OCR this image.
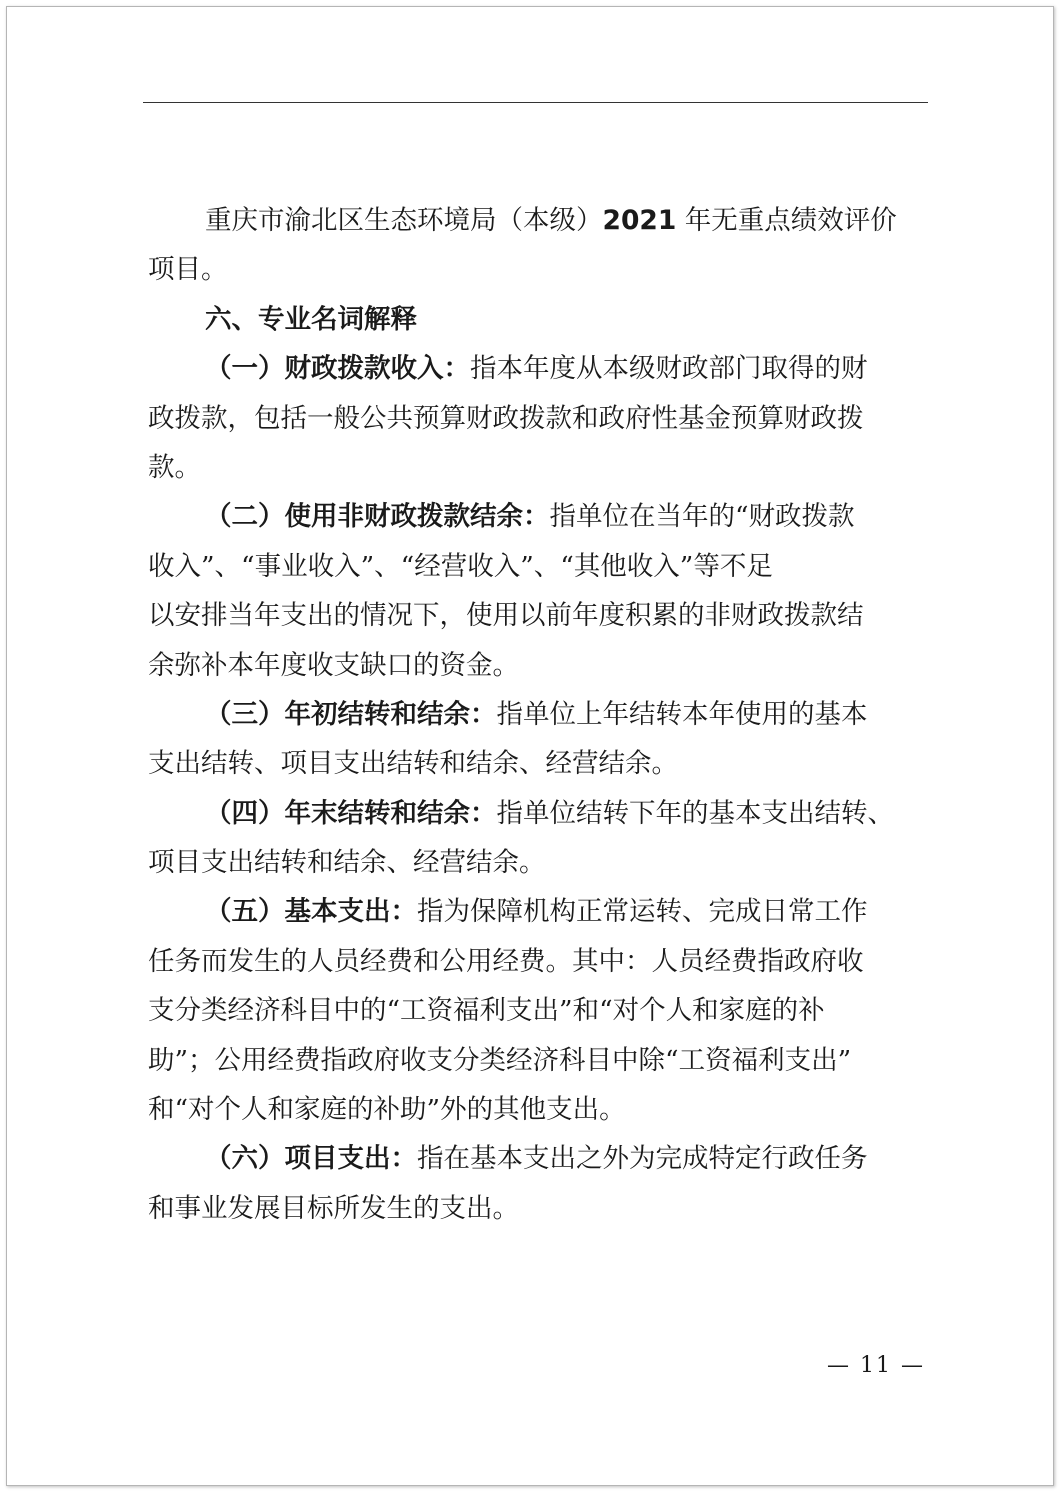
重庆市渝北区生态环境局（本级）2021 年无重点绩效评价
项目。
六、专业名词解释
（一）财政拨款收入：指本年度从本级财政部门取得的财
政拨款，包括一般公共预算财政拨款和政府性基金预算财政拨
款。
（二）使用非财政拨款结余：指单位在当年的“财政拨款
收入”、“事业收入”、“经营收入”、“其他收入”等不足
以安排当年支出的情况下，使用以前年度积累的非财政拨款结
余弥补本年度收支缺口的资金。
（三）年初结转和结余：指单位上年结转本年使用的基本
支出结转、项目支出结转和结余、经营结余。
（四）年末结转和结余：指单位结转下年的基本支出结转、
项目支出结转和结余、经营结余。
（五）基本支出：指为保障机构正常运转、完成日常工作
任务而发生的人员经费和公用经费。其中：人员经费指政府收
支分类经济科目中的“工资福利支出”和“对个人和家庭的补
助”；公用经费指政府收支分类经济科目中除“工资福利支出”
和“对个人和家庭的补助”外的其他支出。
（六）项目支出：指在基本支出之外为完成特定行政任务
和事业发展目标所发生的支出。
— 11 —
